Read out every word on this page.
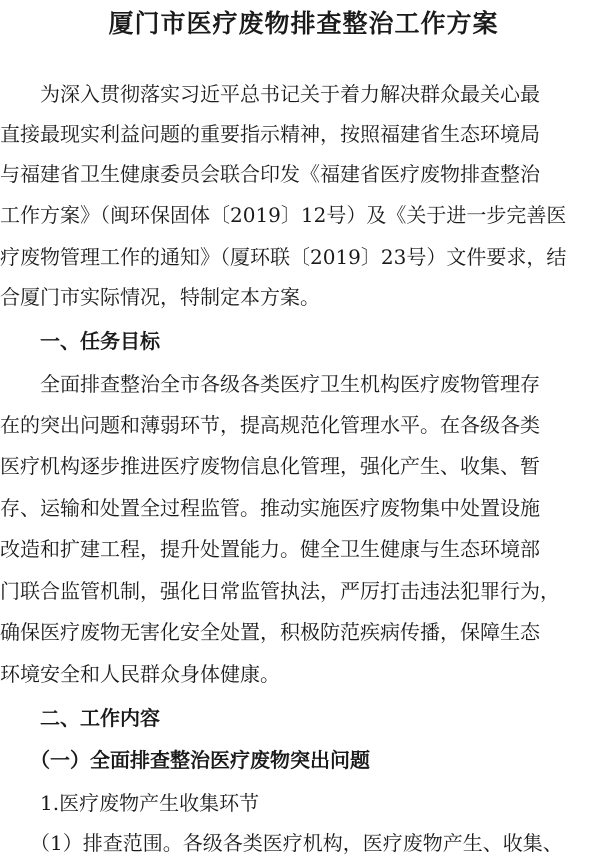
厦门市医疗废物排查整治工作方案
　　为深入贯彻落实习近平总书记关于着力解决群众最关心最
直接最现实利益问题的重要指示精神，按照福建省生态环境局
与福建省卫生健康委员会联合印发《福建省医疗废物排查整治
工作方案》（闽环保固体〔2019〕12号）及《关于进一步完善医
疗废物管理工作的通知》（厦环联〔2019〕23号）文件要求，结
合厦门市实际情况，特制定本方案。
　　一、任务目标
　　全面排查整治全市各级各类医疗卫生机构医疗废物管理存
在的突出问题和薄弱环节，提高规范化管理水平。在各级各类
医疗机构逐步推进医疗废物信息化管理，强化产生、收集、暂
存、运输和处置全过程监管。推动实施医疗废物集中处置设施
改造和扩建工程，提升处置能力。健全卫生健康与生态环境部
门联合监管机制，强化日常监管执法，严厉打击违法犯罪行为，
确保医疗废物无害化安全处置，积极防范疾病传播，保障生态
环境安全和人民群众身体健康。
　　二、工作内容
　　（一）全面排查整治医疗废物突出问题
　　1.医疗废物产生收集环节
　　（1）排查范围。各级各类医疗机构，医疗废物产生、收集、
